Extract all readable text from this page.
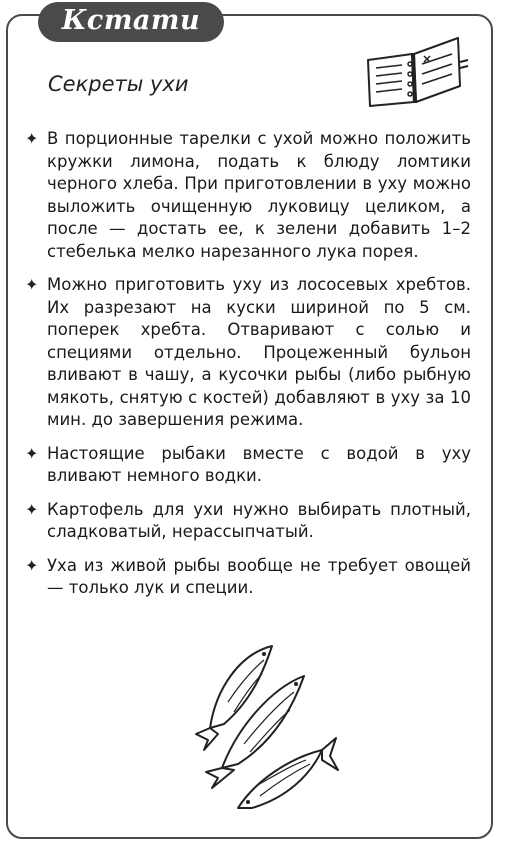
Кстати
Секреты ухи
✦ В порционные тарелки с ухой можно положить кружки лимона, подать к блюду ломтики черного хлеба. При приготовлении в уху можно выложить очищенную луковицу целиком, а после — достать ее, к зелени добавить 1–2 стебелька мелко нарезанного лука порея.
✦ Можно приготовить уху из лососевых хребтов. Их разрезают на куски шириной по 5 см. поперек хребта. Отваривают с солью и специями отдельно. Процеженный бульон вливают в чашу, а кусочки рыбы (либо рыбную мякоть, снятую с костей) добавляют в уху за 10 мин. до завершения режима.
✦ Настоящие рыбаки вместе с водой в уху вливают немного водки.
✦ Картофель для ухи нужно выбирать плотный, сладковатый, нерассыпчатый.
✦ Уха из живой рыбы вообще не требует овощей — только лук и специи.
